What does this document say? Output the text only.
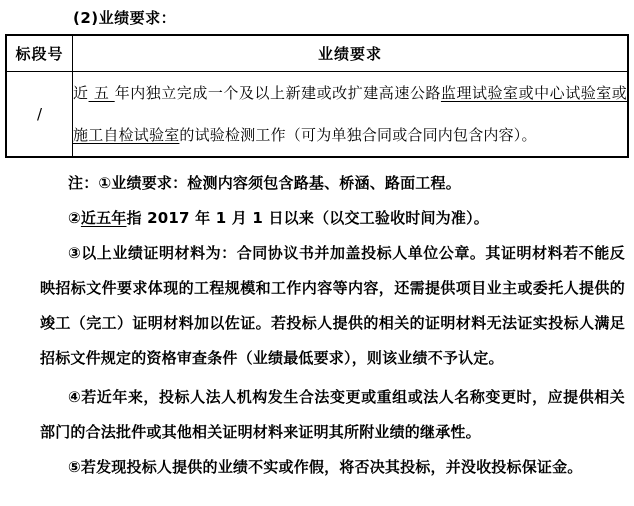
(2)业绩要求：
标段号	业绩要求
/	近 五 年内独立完成一个及以上新建或改扩建高速公路监理试验室或中心试验室或施工自检试验室的试验检测工作（可为单独合同或合同内包含内容）。

注：①业绩要求：检测内容须包含路基、桥涵、路面工程。

②近五年指 2017 年 1 月 1 日以来（以交工验收时间为准）。

③以上业绩证明材料为：合同协议书并加盖投标人单位公章。其证明材料若不能反映招标文件要求体现的工程规模和工作内容等内容，还需提供项目业主或委托人提供的竣工（完工）证明材料加以佐证。若投标人提供的相关的证明材料无法证实投标人满足招标文件规定的资格审查条件（业绩最低要求），则该业绩不予认定。

④若近年来，投标人法人机构发生合法变更或重组或法人名称变更时，应提供相关部门的合法批件或其他相关证明材料来证明其所附业绩的继承性。

⑤若发现投标人提供的业绩不实或作假，将否决其投标，并没收投标保证金。
